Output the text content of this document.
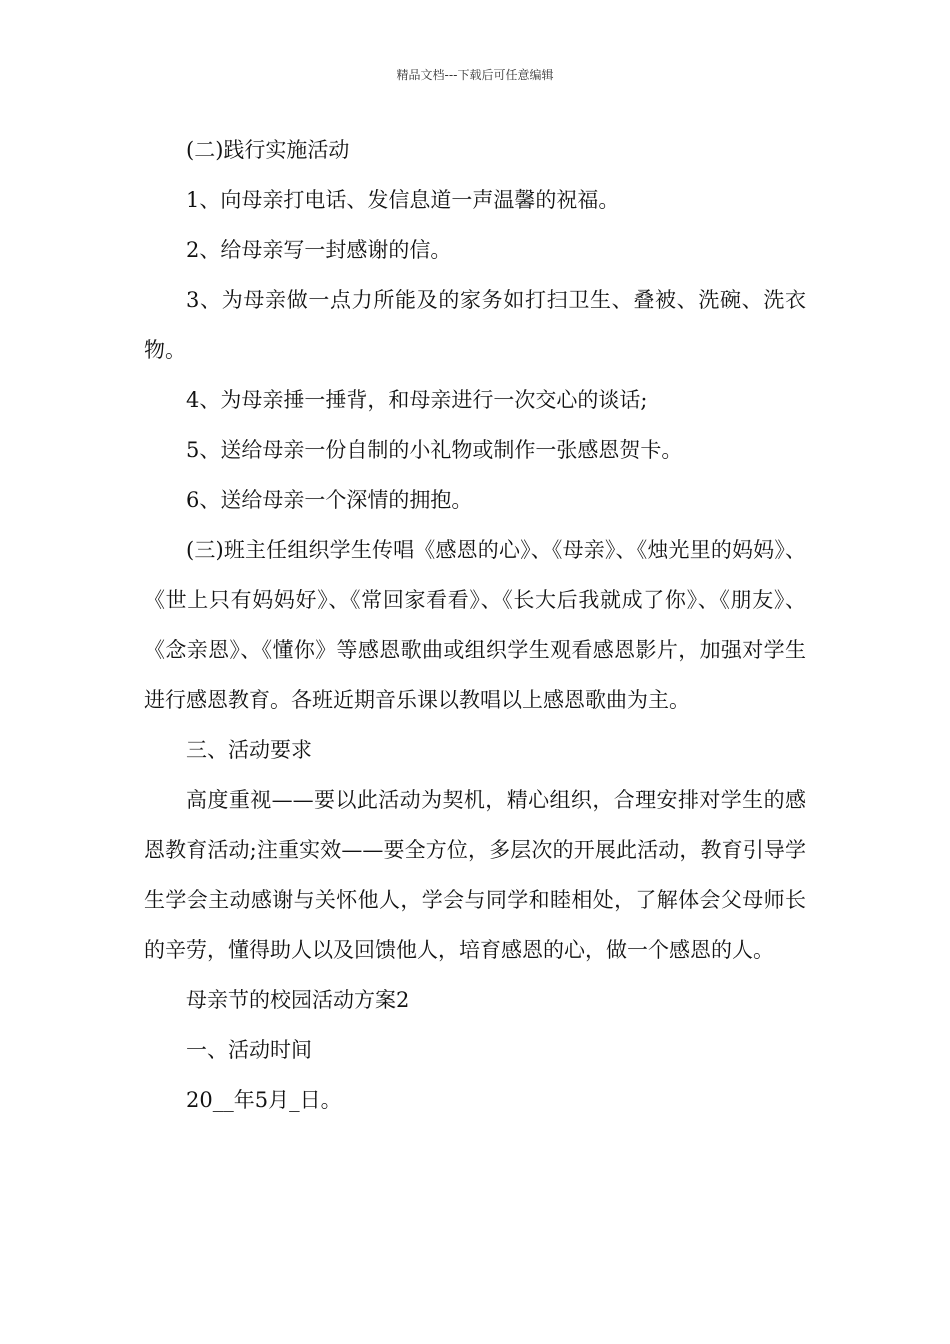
精品文档---下载后可任意编辑

(二)践行实施活动

1、向母亲打电话、发信息道一声温馨的祝福。

2、给母亲写一封感谢的信。

3、为母亲做一点力所能及的家务如打扫卫生、叠被、洗碗、洗衣物。

4、为母亲捶一捶背，和母亲进行一次交心的谈话;

5、送给母亲一份自制的小礼物或制作一张感恩贺卡。

6、送给母亲一个深情的拥抱。

(三)班主任组织学生传唱《感恩的心》、《母亲》、《烛光里的妈妈》、《世上只有妈妈好》、《常回家看看》、《长大后我就成了你》、《朋友》、《念亲恩》、《懂你》等感恩歌曲或组织学生观看感恩影片，加强对学生进行感恩教育。各班近期音乐课以教唱以上感恩歌曲为主。

三、活动要求

高度重视——要以此活动为契机，精心组织，合理安排对学生的感恩教育活动;注重实效——要全方位，多层次的开展此活动，教育引导学生学会主动感谢与关怀他人，学会与同学和睦相处，了解体会父母师长的辛劳，懂得助人以及回馈他人，培育感恩的心，做一个感恩的人。

母亲节的校园活动方案2

一、活动时间

20__年5月_日。
